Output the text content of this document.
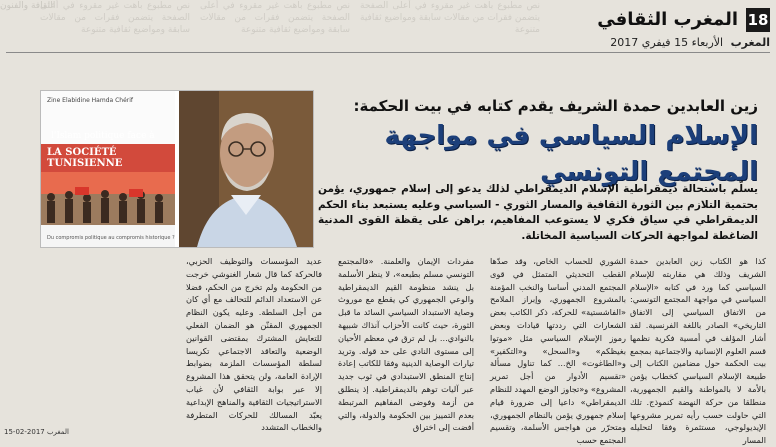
الثقافة والفنون
نص مطبوع باهت غير مقروء في أعلى الصفحة يتضمن فقرات من مقالات سابقة ومواضيع ثقافية متنوعة
نص مطبوع باهت غير مقروء في أعلى الصفحة يتضمن فقرات من مقالات سابقة ومواضيع ثقافية متنوعة
نص مطبوع باهت غير مقروء في أعلى الصفحة يتضمن فقرات من مقالات سابقة ومواضيع ثقافية متنوعة
18
المغرب الثقافي
المغرب الأربعاء 15 فيفري 2017
Zine Elabidine Hamda Chérif
l'Islam politique face à
LA SOCIÉTÉ TUNISIENNE
Du compromis politique au compromis historique ?
زين العابدين حمدة الشريف يقدم كتابه في بيت الحكمة:
الإسلام السياسي في مواجهة المجتمع التونسي
يسلّم باستحالة ديمقراطية الإسلام الديمقراطي لذلك يدعو إلى إسلام جمهوري، يؤمن بحتمية التلازم بين الثورة الثقافية والمسار الثوري - السياسي وعليه يستبعد بناء الحكم الديمقراطي في سياق فكري لا يستوعب المفاهيم، براهن على يقظة القوى المدنية الضاغطة لمواجهة الحركات السياسية المخاتلة.
كذا هو الكتاب زين العابدين حمدة الشريف وذلك هي مقاربته للإسلام السياسي كما ورد في كتابه «الإسلام السياسي في مواجهة المجتمع التونسي: من الاتفاق السياسي إلى الاتفاق التاريخي» الصادر باللغة الفرنسية. لقد أشار المؤلف في أمسية فكرية نظمها قسم العلوم الإنسانية والاجتماعية بمجمع بيت الحكمة حول مضامين الكتاب إلى طبيعة الإسلام السياسي كخطاب يؤمن بالأمة لا بالمواطنة والقيم الجمهورية، منطلقا من حركة النهضة كنموذج. تلك التي حاولت حسب رأيه تمرير مشروعها الإيديولوجي، مستثمرة وفقا لتحليله المسار
الشوري للحساب الخاص، وقد صدّها القطب التحديثي المتمثل في قوى المجتمع المدني أساسا والنخب المؤمنة بالمشروع الجمهوري، وإبراز الملامح «الفاشستية» للحركة، ذكر الكاتب بعض الشعارات التي رددتها قيادات وبعض رموز الإسلام السياسي مثل «موتوا بغيظكم» و«السحل» و«التكفير» و«الطاغوت» الخ... كما تناول مسألة «تقسيم الأدوار من أجل تمرير المشروع» و«تجاوز الوضع المهدد للنظام الديمقراطي» داعيا إلى ضرورة قيام إسلام جمهوري يؤمن بالنظام الجمهوري، ومتحرّر من هواجس الأسلمة، وتقسيم المجتمع حسب
مفردات الإيمان والعلمنة. «فالمجتمع التونسي مسلم بطبعه»، لا ينظر الأسلمة بل ينشد منظومة القيم الديمقراطية والوعي الجمهوري كي يقطع مع موروث وصاية الاستبداد السياسي السائد ما قبل الثورة، حيث كانت الأحزاب آنذاك شبيهة بالنوادي... بل لم ترق في معظم الأحيان إلى مستوى النادي على حد قوله. وتريد تيارات الوصاية الدينية وفقا للكاتب إعادة إنتاج المنطق الاستبدادي في ثوب جديد عبر آليات توهم بالديمقراطية. إذ ينطلق من أزمة وفوضى المفاهيم المرتبطة بعدم التمييز بين الحكومة والدولة، والتي أفضت إلى اختراق
عديد المؤسسات والتوظيف الحزبي، فالحركة كما قال شعار الغنوشي خرجت من الحكومة ولم تخرج من الحكم، فضلا عن الاستعداد الدائم للتحالف مع أي كان من أجل السلطة. وعليه يكون النظام الجمهوري المقنّن هو الضمان الفعلي للتعايش المشترك بمقتضى القوانين الوضعية والتعاقد الاجتماعي تكريسا لسلطة المؤسسات الملزمة بضوابط الإرادة العامة، ولن يتحقق هذا المشروع إلا عبر بوابة الثقافي لأن غياب الاستراتيجيات الثقافية والمناهج الإبداعية يعبّد المسالك للحركات المتطرفة والخطاب المتشدد
المغرب 2017-02-15
